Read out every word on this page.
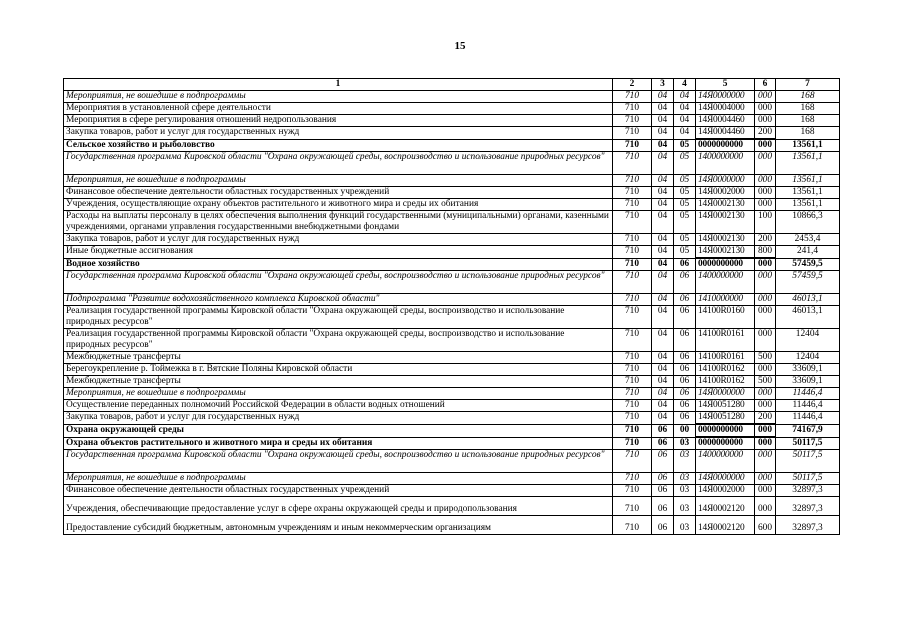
15
1	2	3	4	5	6	7
Мероприятия, не вошедшие в подпрограммы	710	04	04	14Я0000000	000	168
Мероприятия в установленной сфере деятельности	710	04	04	14Я0004000	000	168
Мероприятия в сфере регулирования отношений недропользования	710	04	04	14Я0004460	000	168
Закупка товаров, работ и услуг для государственных нужд	710	04	04	14Я0004460	200	168
Сельское хозяйство и рыболовство	710	04	05	0000000000	000	13561,1
Государственная программа Кировской области "Охрана окружающей среды, воспроизводство и использование природных ресурсов"	710	04	05	1400000000	000	13561,1
Мероприятия, не вошедшие в подпрограммы	710	04	05	14Я0000000	000	13561,1
Финансовое обеспечение деятельности областных государственных учреждений	710	04	05	14Я0002000	000	13561,1
Учреждения, осуществляющие охрану объектов растительного и животного мира и среды их обитания	710	04	05	14Я0002130	000	13561,1
Расходы на выплаты персоналу в целях обеспечения выполнения функций государственными (муниципальными) органами, казенными учреждениями, органами управления государственными внебюджетными фондами	710	04	05	14Я0002130	100	10866,3
Закупка товаров, работ и услуг для государственных нужд	710	04	05	14Я0002130	200	2453,4
Иные бюджетные ассигнования	710	04	05	14Я0002130	800	241,4
Водное хозяйство	710	04	06	0000000000	000	57459,5
Государственная программа Кировской области "Охрана окружающей среды, воспроизводство и использование природных ресурсов"	710	04	06	1400000000	000	57459,5
Подпрограмма "Развитие водохозяйственного комплекса Кировской области"	710	04	06	1410000000	000	46013,1
Реализация государственной программы Кировской области "Охрана окружающей среды, воспроизводство и использование природных ресурсов"	710	04	06	14100R0160	000	46013,1
Реализация государственной программы Кировской области "Охрана окружающей среды, воспроизводство и использование природных ресурсов"	710	04	06	14100R0161	000	12404
Межбюджетные трансферты	710	04	06	14100R0161	500	12404
Берегоукрепление р. Тоймежка в г. Вятские Поляны Кировской области	710	04	06	14100R0162	000	33609,1
Межбюджетные трансферты	710	04	06	14100R0162	500	33609,1
Мероприятия, не вошедшие в подпрограммы	710	04	06	14Я0000000	000	11446,4
Осуществление переданных полномочий Российской Федерации в области водных отношений	710	04	06	14Я0051280	000	11446,4
Закупка товаров, работ и услуг для государственных нужд	710	04	06	14Я0051280	200	11446,4
Охрана окружающей среды	710	06	00	0000000000	000	74167,9
Охрана объектов растительного и животного мира и среды их обитания	710	06	03	0000000000	000	50117,5
Государственная программа Кировской области "Охрана окружающей среды, воспроизводство и использование природных ресурсов"	710	06	03	1400000000	000	50117,5
Мероприятия, не вошедшие в подпрограммы	710	06	03	14Я0000000	000	50117,5
Финансовое обеспечение деятельности областных государственных учреждений	710	06	03	14Я0002000	000	32897,3
Учреждения, обеспечивающие предоставление услуг в сфере охраны окружающей среды и природопользования	710	06	03	14Я0002120	000	32897,3
Предоставление субсидий бюджетным, автономным учреждениям и иным некоммерческим организациям	710	06	03	14Я0002120	600	32897,3
